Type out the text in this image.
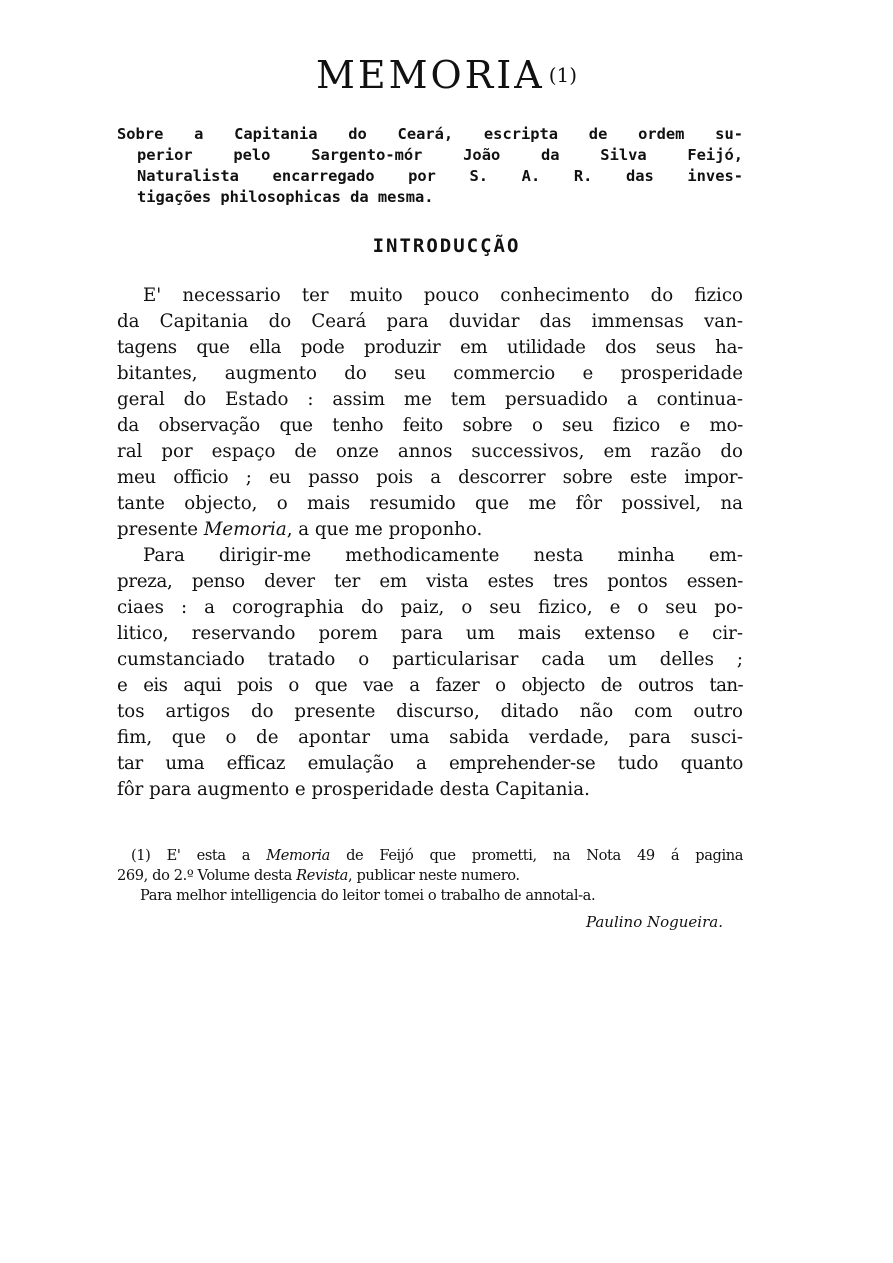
MEMORIA (1)
Sobre a Capitania do Ceará, escripta de ordem su-
perior pelo Sargento-mór João da Silva Feijó,
Naturalista encarregado por S. A. R. das inves-
tigações philosophicas da mesma.
INTRODUCÇÃO
E' necessario ter muito pouco conhecimento do fizico
da Capitania do Ceará para duvidar das immensas van-
tagens que ella pode produzir em utilidade dos seus ha-
bitantes, augmento do seu commercio e prosperidade
geral do Estado : assim me tem persuadido a continua-
da observação que tenho feito sobre o seu fizico e mo-
ral por espaço de onze annos successivos, em razão do
meu officio ; eu passo pois a descorrer sobre este impor-
tante objecto, o mais resumido que me fôr possivel, na
presente Memoria, a que me proponho.
Para dirigir-me methodicamente nesta minha em-
preza, penso dever ter em vista estes tres pontos essen-
ciaes : a corographia do paiz, o seu fizico, e o seu po-
litico, reservando porem para um mais extenso e cir-
cumstanciado tratado o particularisar cada um delles ;
e eis aqui pois o que vae a fazer o objecto de outros tan-
tos artigos do presente discurso, ditado não com outro
fim, que o de apontar uma sabida verdade, para susci-
tar uma efficaz emulação a emprehender-se tudo quanto
fôr para augmento e prosperidade desta Capitania.
(1) E' esta a Memoria de Feijó que prometti, na Nota 49 á pagina
269, do 2.º Volume desta Revista, publicar neste numero.
Para melhor intelligencia do leitor tomei o trabalho de annotal-a.
Paulino Nogueira.
